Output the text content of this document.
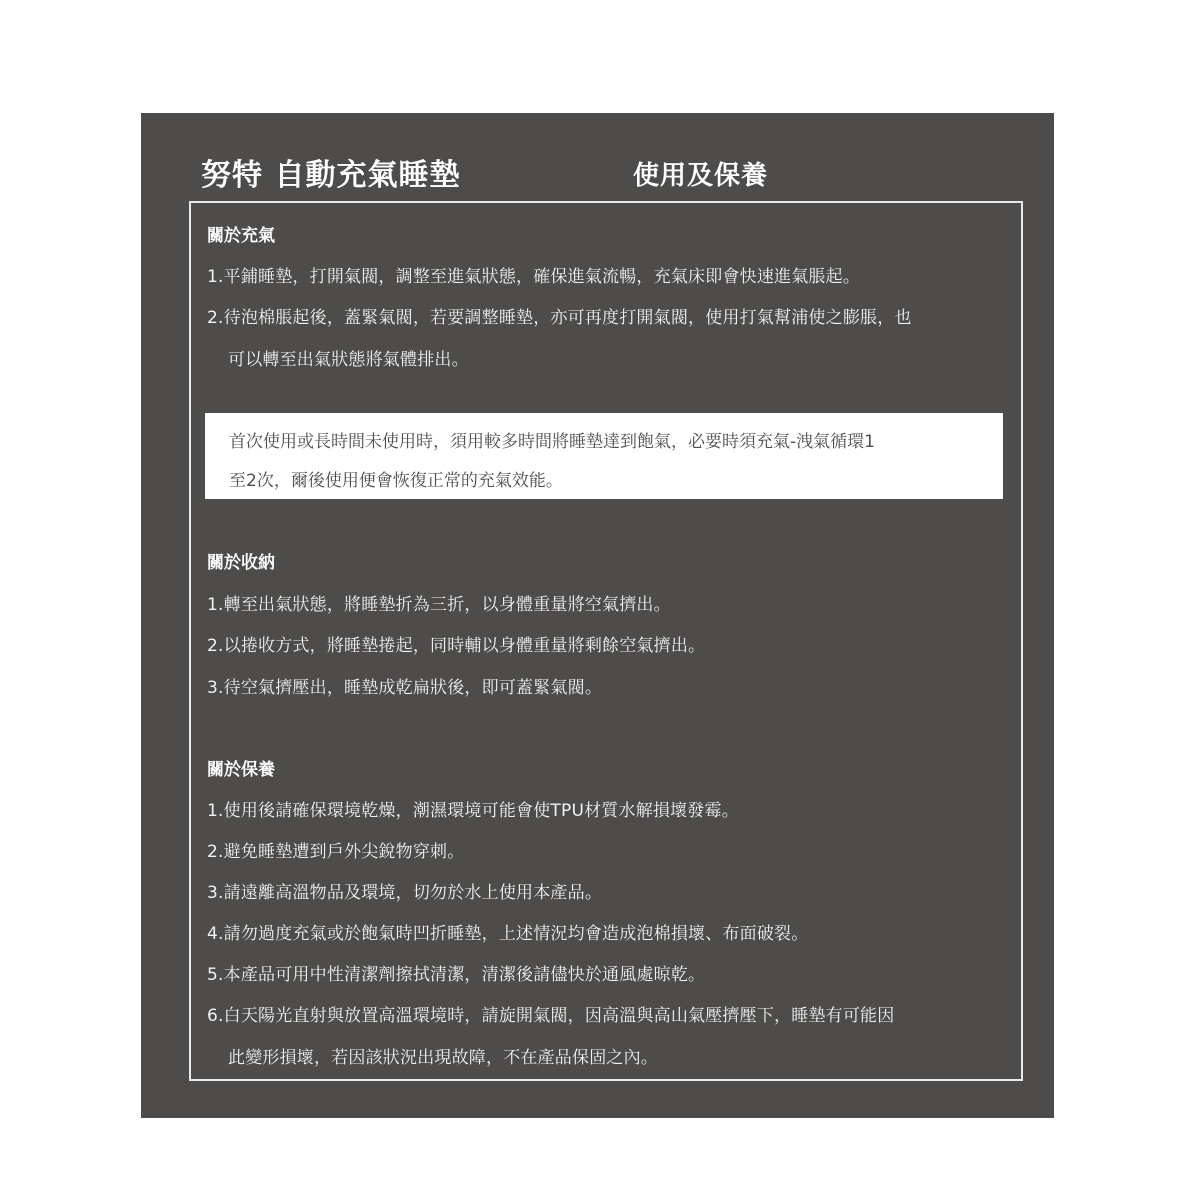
努特 自動充氣睡墊	使用及保養
關於充氣
1.平鋪睡墊，打開氣閥，調整至進氣狀態，確保進氣流暢，充氣床即會快速進氣脹起。
2.待泡棉脹起後，蓋緊氣閥，若要調整睡墊，亦可再度打開氣閥，使用打氣幫浦使之膨脹，也
可以轉至出氣狀態將氣體排出。
首次使用或長時間未使用時，須用較多時間將睡墊達到飽氣，必要時須充氣-洩氣循環1
至2次，爾後使用便會恢復正常的充氣效能。
關於收納
1.轉至出氣狀態，將睡墊折為三折，以身體重量將空氣擠出。
2.以捲收方式，將睡墊捲起，同時輔以身體重量將剩餘空氣擠出。
3.待空氣擠壓出，睡墊成乾扁狀後，即可蓋緊氣閥。
關於保養
1.使用後請確保環境乾燥，潮濕環境可能會使TPU材質水解損壞發霉。
2.避免睡墊遭到戶外尖銳物穿刺。
3.請遠離高溫物品及環境，切勿於水上使用本產品。
4.請勿過度充氣或於飽氣時凹折睡墊，上述情況均會造成泡棉損壞、布面破裂。
5.本產品可用中性清潔劑擦拭清潔，清潔後請儘快於通風處晾乾。
6.白天陽光直射與放置高溫環境時，請旋開氣閥，因高溫與高山氣壓擠壓下，睡墊有可能因
此變形損壞，若因該狀況出現故障，不在產品保固之內。
